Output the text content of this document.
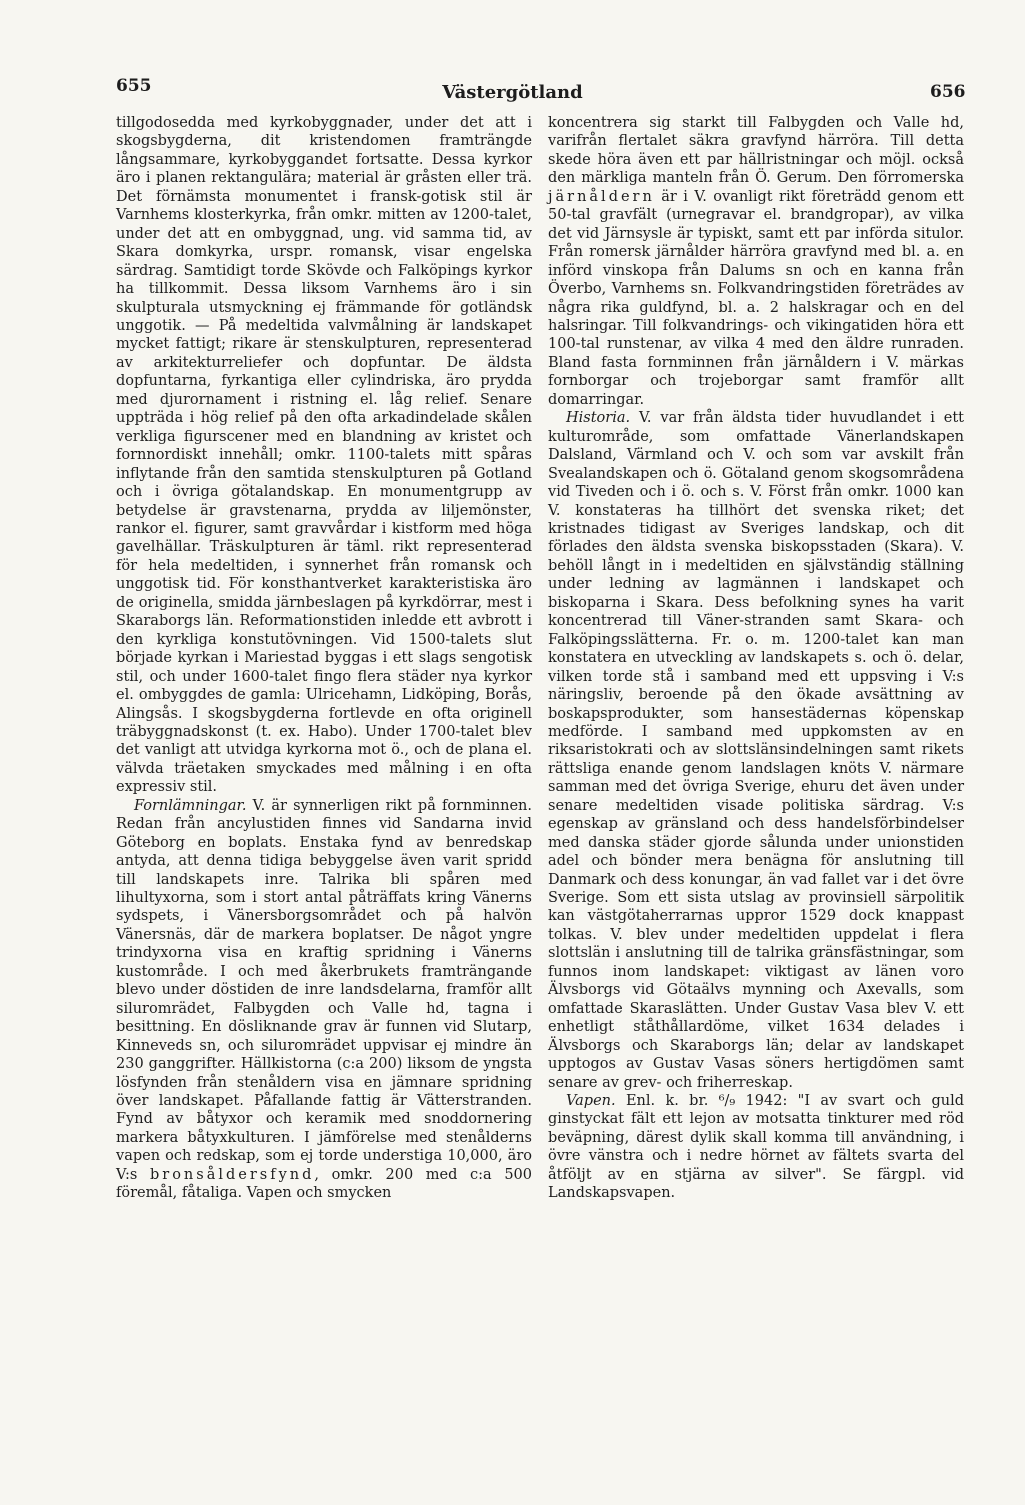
655	Västergötland	656

tillgodosedda med kyrkobyggnader, under det att i skogsbygderna, dit kristendomen framträngde långsammare, kyrkobyggandet fortsatte. Dessa kyrkor äro i planen rektangulära; material är gråsten eller trä. Det förnämsta monumentet i fransk-gotisk stil är Varnhems klosterkyrka, från omkr. mitten av 1200-talet, under det att en ombyggnad, ung. vid samma tid, av Skara domkyrka, urspr. romansk, visar engelska särdrag. Samtidigt torde Skövde och Falköpings kyrkor ha tillkommit. Dessa liksom Varnhems äro i sin skulpturala utsmyckning ej främmande för gotländsk unggotik. — På medeltida valvmålning är landskapet mycket fattigt; rikare är stenskulpturen, representerad av arkitekturreliefer och dopfuntar. De äldsta dopfuntarna, fyrkantiga eller cylindriska, äro prydda med djurornament i ristning el. låg relief. Senare uppträda i hög relief på den ofta arkadindelade skålen verkliga figurscener med en blandning av kristet och fornnordiskt innehåll; omkr. 1100-talets mitt spåras inflytande från den samtida stenskulpturen på Gotland och i övriga götalandskap. En monumentgrupp av betydelse är gravstenarna, prydda av liljemönster, rankor el. figurer, samt gravvårdar i kistform med höga gavelhällar. Träskulpturen är täml. rikt representerad för hela medeltiden, i synnerhet från romansk och unggotisk tid. För konsthantverket karakteristiska äro de originella, smidda järnbeslagen på kyrkdörrar, mest i Skaraborgs län. Reformationstiden inledde ett avbrott i den kyrkliga konstutövningen. Vid 1500-talets slut började kyrkan i Mariestad byggas i ett slags sengotisk stil, och under 1600-talet fingo flera städer nya kyrkor el. ombyggdes de gamla: Ulricehamn, Lidköping, Borås, Alingsås. I skogsbygderna fortlevde en ofta originell träbyggnadskonst (t. ex. Habo). Under 1700-talet blev det vanligt att utvidga kyrkorna mot ö., och de plana el. välvda träetaken smyckades med målning i en ofta expressiv stil.

Fornlämningar. V. är synnerligen rikt på fornminnen. Redan från ancylustiden finnes vid Sandarna invid Göteborg en boplats. Enstaka fynd av benredskap antyda, att denna tidiga bebyggelse även varit spridd till landskapets inre. Talrika bli spåren med lihultyxorna, som i stort antal påträffats kring Vänerns sydspets, i Vänersborgsområdet och på halvön Vänersnäs, där de markera boplatser. De något yngre trindyxorna visa en kraftig spridning i Vänerns kustområde. I och med åkerbrukets framträngande blevo under döstiden de inre landsdelarna, framför allt siluromrädet, Falbygden och Valle hd, tagna i besittning. En dösliknande grav är funnen vid Slutarp, Kinneveds sn, och siluromrädet uppvisar ej mindre än 230 ganggrifter. Hällkistorna (c:a 200) liksom de yngsta lösfynden från stenåldern visa en jämnare spridning över landskapet. Påfallande fattig är Vätterstranden. Fynd av båtyxor och keramik med snoddornering markera båtyxkulturen. I jämförelse med stenålderns vapen och redskap, som ej torde understiga 10,000, äro V:s bronsåldersfynd, omkr. 200 med c:a 500 föremål, fåtaliga. Vapen och smycken

koncentrera sig starkt till Falbygden och Valle hd, varifrån flertalet säkra gravfynd härröra. Till detta skede höra även ett par hällristningar och möjl. också den märkliga manteln från Ö. Gerum. Den förromerska järnåldern är i V. ovanligt rikt företrädd genom ett 50-tal gravfält (urnegravar el. brandgropar), av vilka det vid Järnsysle är typiskt, samt ett par införda situlor. Från romersk järnålder härröra gravfynd med bl. a. en införd vinskopa från Dalums sn och en kanna från Överbo, Varnhems sn. Folkvandringstiden företrädes av några rika guldfynd, bl. a. 2 halskragar och en del halsringar. Till folkvandrings- och vikingatiden höra ett 100-tal runstenar, av vilka 4 med den äldre runraden. Bland fasta fornminnen från järnåldern i V. märkas fornborgar och trojeborgar samt framför allt domarringar.

Historia. V. var från äldsta tider huvudlandet i ett kulturområde, som omfattade Vänerlandskapen Dalsland, Värmland och V. och som var avskilt från Svealandskapen och ö. Götaland genom skogsområdena vid Tiveden och i ö. och s. V. Först från omkr. 1000 kan V. konstateras ha tillhört det svenska riket; det kristnades tidigast av Sveriges landskap, och dit förlades den äldsta svenska biskopsstaden (Skara). V. behöll långt in i medeltiden en självständig ställning under ledning av lagmännen i landskapet och biskoparna i Skara. Dess befolkning synes ha varit koncentrerad till Väner-stranden samt Skara- och Falköpingsslätterna. Fr. o. m. 1200-talet kan man konstatera en utveckling av landskapets s. och ö. delar, vilken torde stå i samband med ett uppsving i V:s näringsliv, beroende på den ökade avsättning av boskapsprodukter, som hansestädernas köpenskap medförde. I samband med uppkomsten av en riksaristokrati och av slottslänsindelningen samt rikets rättsliga enande genom landslagen knöts V. närmare samman med det övriga Sverige, ehuru det även under senare medeltiden visade politiska särdrag. V:s egenskap av gränsland och dess handelsförbindelser med danska städer gjorde sålunda under unionstiden adel och bönder mera benägna för anslutning till Danmark och dess konungar, än vad fallet var i det övre Sverige. Som ett sista utslag av provinsiell särpolitik kan västgötaherrarnas uppror 1529 dock knappast tolkas. V. blev under medeltiden uppdelat i flera slottslän i anslutning till de talrika gränsfästningar, som funnos inom landskapet: viktigast av länen voro Älvsborgs vid Götaälvs mynning och Axevalls, som omfattade Skaraslätten. Under Gustav Vasa blev V. ett enhetligt ståthållardöme, vilket 1634 delades i Älvsborgs och Skaraborgs län; delar av landskapet upptogos av Gustav Vasas söners hertigdömen samt senare av grev- och friherreskap.

Vapen. Enl. k. br. ⁶/₉ 1942: "I av svart och guld ginstyckat fält ett lejon av motsatta tinkturer med röd beväpning, därest dylik skall komma till användning, i övre vänstra och i nedre hörnet av fältets svarta del åtföljt av en stjärna av silver". Se färgpl. vid Landskapsvapen.
